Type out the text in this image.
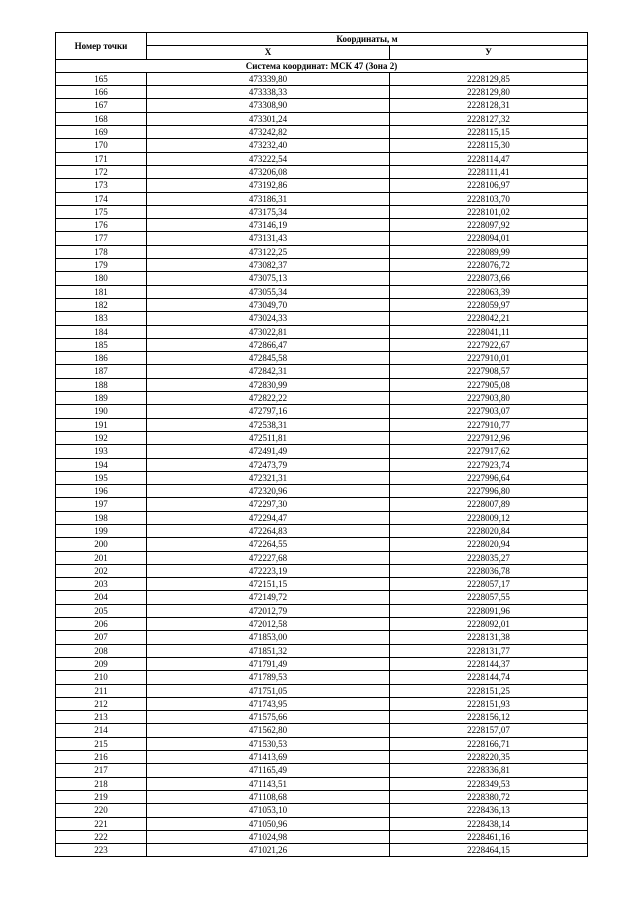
Номер точки	Координаты, м	
	X	У
Система координат: МСК 47 (Зона 2)		
165	473339,80	2228129,85
166	473338,33	2228129,80
167	473308,90	2228128,31
168	473301,24	2228127,32
169	473242,82	2228115,15
170	473232,40	2228115,30
171	473222,54	2228114,47
172	473206,08	2228111,41
173	473192,86	2228106,97
174	473186,31	2228103,70
175	473175,34	2228101,02
176	473146,19	2228097,92
177	473131,43	2228094,01
178	473122,25	2228089,99
179	473082,37	2228076,72
180	473075,13	2228073,66
181	473055,34	2228063,39
182	473049,70	2228059,97
183	473024,33	2228042,21
184	473022,81	2228041,11
185	472866,47	2227922,67
186	472845,58	2227910,01
187	472842,31	2227908,57
188	472830,99	2227905,08
189	472822,22	2227903,80
190	472797,16	2227903,07
191	472538,31	2227910,77
192	472511,81	2227912,96
193	472491,49	2227917,62
194	472473,79	2227923,74
195	472321,31	2227996,64
196	472320,96	2227996,80
197	472297,30	2228007,89
198	472294,47	2228009,12
199	472264,83	2228020,84
200	472264,55	2228020,94
201	472227,68	2228035,27
202	472223,19	2228036,78
203	472151,15	2228057,17
204	472149,72	2228057,55
205	472012,79	2228091,96
206	472012,58	2228092,01
207	471853,00	2228131,38
208	471851,32	2228131,77
209	471791,49	2228144,37
210	471789,53	2228144,74
211	471751,05	2228151,25
212	471743,95	2228151,93
213	471575,66	2228156,12
214	471562,80	2228157,07
215	471530,53	2228166,71
216	471413,69	2228220,35
217	471165,49	2228336,81
218	471143,51	2228349,53
219	471108,68	2228380,72
220	471053,10	2228436,13
221	471050,96	2228438,14
222	471024,98	2228461,16
223	471021,26	2228464,15
